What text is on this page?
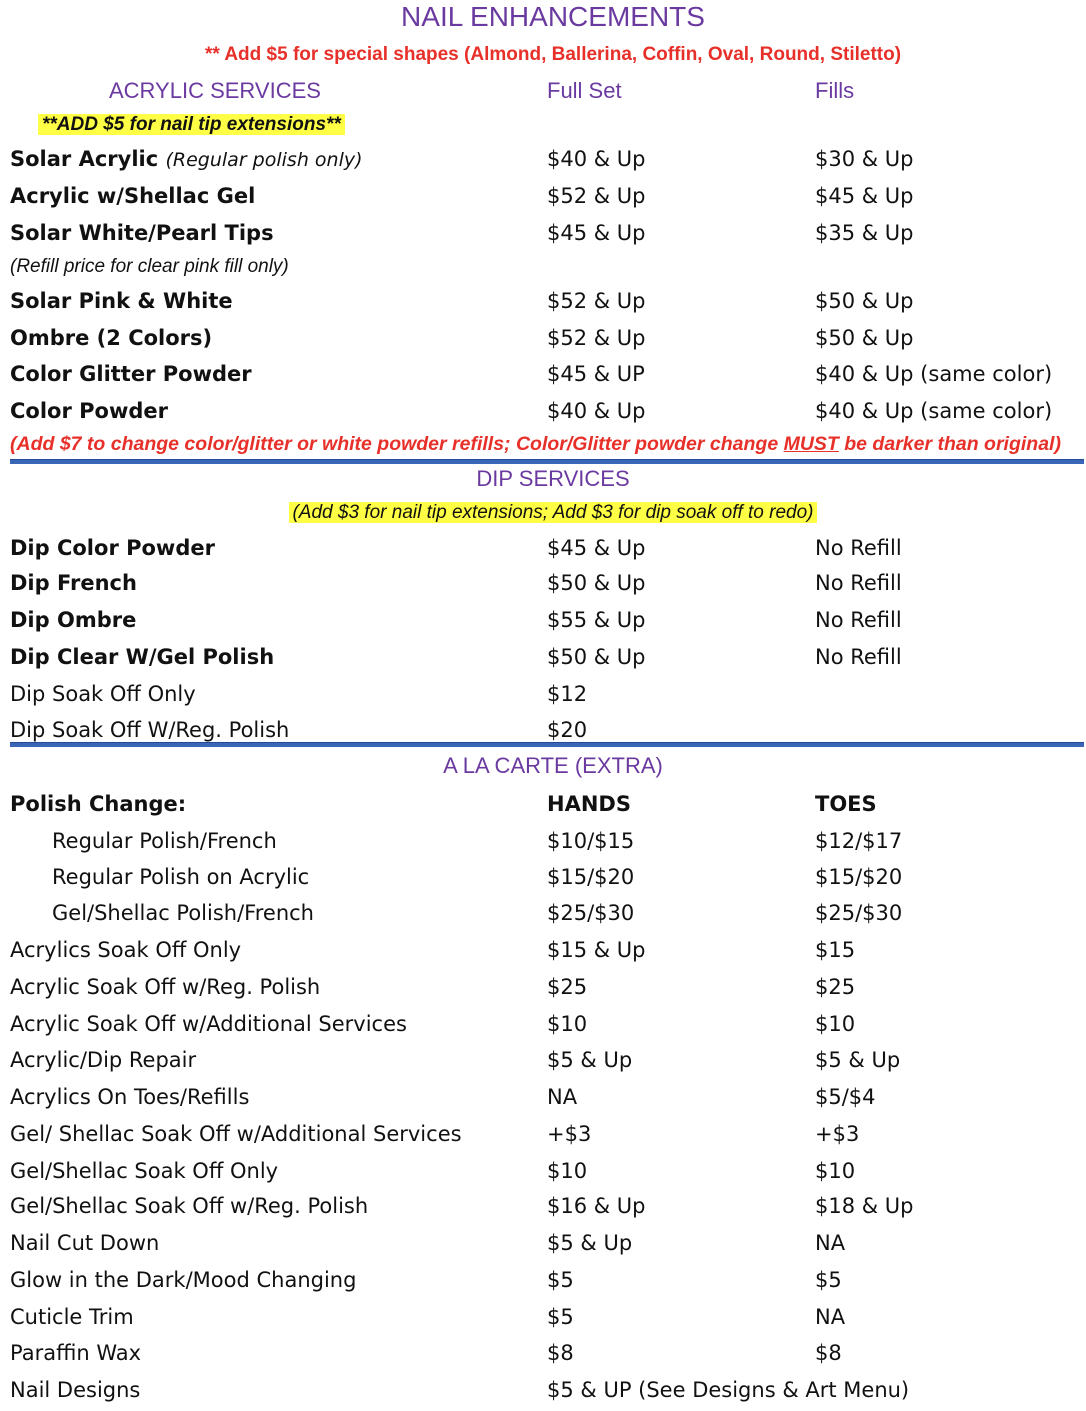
NAIL ENHANCEMENTS
** Add $5 for special shapes (Almond, Ballerina, Coffin, Oval, Round, Stiletto)
ACRYLIC SERVICES	Full Set	Fills
**ADD $5 for nail tip extensions**
Solar Acrylic (Regular polish only)	$40 & Up	$30 & Up
Acrylic w/Shellac Gel	$52 & Up	$45 & Up
Solar White/Pearl Tips	$45 & Up	$35 & Up
(Refill price for clear pink fill only)
Solar Pink & White	$52 & Up	$50 & Up
Ombre (2 Colors)	$52 & Up	$50 & Up
Color Glitter Powder	$45 & UP	$40 & Up (same color)
Color Powder	$40 & Up	$40 & Up (same color)
(Add $7 to change color/glitter or white powder refills; Color/Glitter powder change MUST be darker than original)
DIP SERVICES
(Add $3 for nail tip extensions; Add $3 for dip soak off to redo)
Dip Color Powder	$45 & Up	No Refill
Dip French	$50 & Up	No Refill
Dip Ombre	$55 & Up	No Refill
Dip Clear W/Gel Polish	$50 & Up	No Refill
Dip Soak Off Only	$12
Dip Soak Off W/Reg. Polish	$20
A LA CARTE (EXTRA)
Polish Change:	HANDS	TOES
Regular Polish/French	$10/$15	$12/$17
Regular Polish on Acrylic	$15/$20	$15/$20
Gel/Shellac Polish/French	$25/$30	$25/$30
Acrylics Soak Off Only	$15 & Up	$15
Acrylic Soak Off w/Reg. Polish	$25	$25
Acrylic Soak Off w/Additional Services	$10	$10
Acrylic/Dip Repair	$5 & Up	$5 & Up
Acrylics On Toes/Refills	NA	$5/$4
Gel/ Shellac Soak Off w/Additional Services	+$3	+$3
Gel/Shellac Soak Off Only	$10	$10
Gel/Shellac Soak Off w/Reg. Polish	$16 & Up	$18 & Up
Nail Cut Down	$5 & Up	NA
Glow in the Dark/Mood Changing	$5	$5
Cuticle Trim	$5	NA
Paraffin Wax	$8	$8
Nail Designs	$5 & UP (See Designs & Art Menu)
